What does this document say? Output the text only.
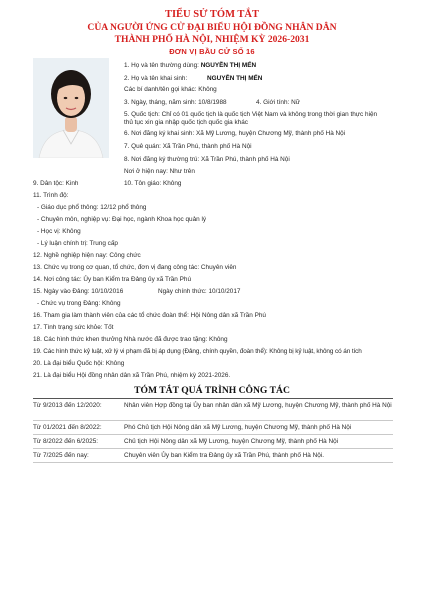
TIỂU SỬ TÓM TẮT
CỦA NGƯỜI ỨNG CỬ ĐẠI BIỂU HỘI ĐỒNG NHÂN DÂN
THÀNH PHỐ HÀ NỘI, NHIỆM KỲ 2026-2031
ĐƠN VỊ BẦU CỬ SỐ 16
1. Họ và tên thường dùng: NGUYỄN THỊ MẾN
2. Họ và tên khai sinh:	NGUYỄN THỊ MẾN
Các bí danh/tên gọi khác: Không
3. Ngày, tháng, năm sinh: 10/8/1988	4. Giới tính: Nữ
5. Quốc tịch: Chỉ có 01 quốc tịch là quốc tịch Việt Nam và không trong thời gian thực hiện
thủ tục xin gia nhập quốc tịch quốc gia khác
6. Nơi đăng ký khai sinh: Xã Mỹ Lương, huyện Chương Mỹ, thành phố Hà Nội
7. Quê quán: Xã Trần Phú, thành phố Hà Nội
8. Nơi đăng ký thường trú: Xã Trần Phú, thành phố Hà Nội
Nơi ở hiện nay: Như trên
9. Dân tộc: Kinh	10. Tôn giáo: Không
11. Trình độ:
- Giáo dục phổ thông: 12/12 phổ thông
- Chuyên môn, nghiệp vụ: Đại học, ngành Khoa học quản lý
- Học vị: Không
- Lý luận chính trị: Trung cấp
12. Nghề nghiệp hiện nay: Công chức
13. Chức vụ trong cơ quan, tổ chức, đơn vị đang công tác: Chuyên viên
14. Nơi công tác: Ủy ban Kiểm tra Đảng ủy xã Trần Phú
15. Ngày vào Đảng: 10/10/2016	Ngày chính thức: 10/10/2017
- Chức vụ trong Đảng: Không
16. Tham gia làm thành viên của các tổ chức đoàn thể: Hội Nông dân xã Trần Phú
17. Tình trạng sức khỏe: Tốt
18. Các hình thức khen thưởng Nhà nước đã được trao tặng: Không
19. Các hình thức kỷ luật, xử lý vi phạm đã bị áp dụng (Đảng, chính quyền, đoàn thể): Không bị kỷ luật, không có án tích
20. Là đại biểu Quốc hội: Không
21. Là đại biểu Hội đồng nhân dân xã Trần Phú, nhiệm kỳ 2021-2026.
TÓM TẮT QUÁ TRÌNH CÔNG TÁC
Từ 9/2013 đến 12/2020:	Nhân viên Hợp đồng tại Ủy ban nhân dân xã Mỹ Lương, huyện Chương Mỹ, thành phố Hà Nội
Từ 01/2021 đến 8/2022:	Phó Chủ tịch Hội Nông dân xã Mỹ Lương, huyện Chương Mỹ, thành phố Hà Nội
Từ 8/2022 đến 6/2025:	Chủ tịch Hội Nông dân xã Mỹ Lương, huyện Chương Mỹ, thành phố Hà Nội
Từ 7/2025 đến nay:	Chuyên viên Ủy ban Kiểm tra Đảng ủy xã Trần Phú, thành phố Hà Nội.
